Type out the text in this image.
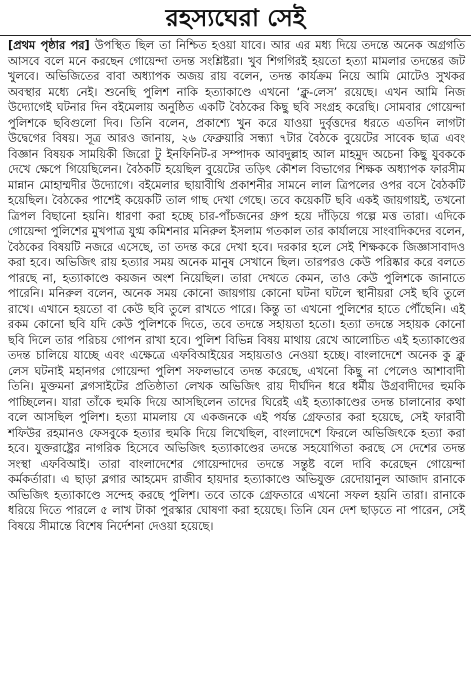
রহস্যঘেরা সেই

[প্রথম পৃষ্ঠার পর] উপস্থিত ছিল তা নিশ্চিত হওয়া যাবে। আর এর মধ্য দিয়ে তদন্তে অনেক অগ্রগতি আসবে বলে মনে করছেন গোয়েন্দা তদন্ত সংশ্লিষ্টরা। খুব শিগগিরই হয়তো হত্যা মামলার তদন্তের জট খুলবে। অভিজিতের বাবা অধ্যাপক অজয় রায় বলেন, তদন্ত কার্যক্রম নিয়ে আমি মোটেও সুখকর অবস্থার মধ্যে নেই। শুনেছি পুলিশ নাকি হত্যাকাণ্ডে এখনো ‘ক্লু-লেস’ রয়েছে। এখন আমি নিজ উদ্যোগেই ঘটনার দিন বইমেলায় অনুষ্ঠিত একটি বৈঠকের কিছু ছবি সংগ্রহ করেছি। সোমবার গোয়েন্দা পুলিশকে ছবিগুলো দিব। তিনি বলেন, প্রকাশ্যে খুন করে যাওয়া দুর্বৃত্তদের ধরতে এতদিন লাগটা উদ্বেগের বিষয়। সূত্র আরও জানায়, ২৬ ফেব্রুয়ারি সন্ধ্যা ৭টার বৈঠকে বুয়েটের সাবেক ছাত্র এবং বিজ্ঞান বিষয়ক সাময়িকী জিরো টু ইনফিনিট-র সম্পাদক আবদুল্লাহ আল মাহমুদ অচেনা কিছু যুবককে দেখে ক্ষেপে গিয়েছিলেন। বৈঠকটি হয়েছিল বুয়েটের তড়িৎ কৌশল বিভাগের শিক্ষক অধ্যাপক ফারসীম মান্নান মোহাম্মদীর উদ্যোগে। বইমেলার ছায়াবীথি প্রকাশনীর সামনে লাল ত্রিপলের ওপর বসে বৈঠকটি হয়েছিল। বৈঠকের পাশেই কয়েকটি তাল গাছ দেখা গেছে। তবে কয়েকটি ছবি একই জায়গায়ই, তখনো ত্রিপল বিছানো হয়নি। ধারণা করা হচ্ছে চার-পাঁচজনের গ্রুপ হয়ে দাঁড়িয়ে গল্পে মত্ত তারা। এদিকে গোয়েন্দা পুলিশের মুখপাত্র যুগ্ম কমিশনার মনিরুল ইসলাম গতকাল তার কার্যালয়ে সাংবাদিকদের বলেন, বৈঠকের বিষয়টি নজরে এসেছে, তা তদন্ত করে দেখা হবে। দরকার হলে সেই শিক্ষককে জিজ্ঞাসাবাদও করা হবে। অভিজিৎ রায় হত্যার সময় অনেক মানুষ সেখানে ছিল। তারপরও কেউ পরিষ্কার করে বলতে পারছে না, হত্যাকাণ্ডে কয়জন অংশ নিয়েছিল। তারা দেখতে কেমন, তাও কেউ পুলিশকে জানাতে পারেনি। মনিরুল বলেন, অনেক সময় কোনো জায়গায় কোনো ঘটনা ঘটলে স্থানীয়রা সেই ছবি তুলে রাখে। এখানে হয়তো বা কেউ ছবি তুলে রাখতে পারে। কিন্তু তা এখনো পুলিশের হাতে পৌঁছেনি। এই রকম কোনো ছবি যদি কেউ পুলিশকে দিতে, তবে তদন্তে সহায়তা হতো। হত্যা তদন্তে সহায়ক কোনো ছবি দিলে তার পরিচয় গোপন রাখা হবে। পুলিশ বিভিন্ন বিষয় মাথায় রেখে আলোচিত এই হত্যাকাণ্ডের তদন্ত চালিয়ে যাচ্ছে এবং এক্ষেত্রে এফবিআইয়ের সহায়তাও নেওয়া হচ্ছে। বাংলাদেশে অনেক কু ক্লু লেস ঘটনাই মহানগর গোয়েন্দা পুলিশ সফলভাবে তদন্ত করেছে, এখনো কিছু না পেলেও আশাবাদী তিনি। মুক্তমনা ব্লগসাইটের প্রতিষ্ঠাতা লেখক অভিজিৎ রায় দীর্ঘদিন ধরে ধর্মীয় উগ্রবাদীদের হুমকি পাচ্ছিলেন। যারা তাঁকে হুমকি দিয়ে আসছিলেন তাদের ঘিরেই এই হত্যাকাণ্ডের তদন্ত চালানোর কথা বলে আসছিল পুলিশ। হত্যা মামলায় যে একজনকে এই পর্যন্ত গ্রেফতার করা হয়েছে, সেই ফারাবী শফিউর রহমানও ফেসবুকে হত্যার হুমকি দিয়ে লিখেছিল, বাংলাদেশে ফিরলে অভিজিৎকে হত্যা করা হবে। যুক্তরাষ্ট্রের নাগরিক হিসেবে অভিজিৎ হত্যাকাণ্ডের তদন্তে সহযোগিতা করছে সে দেশের তদন্ত সংস্থা এফবিআই। তারা বাংলাদেশের গোয়েন্দাদের তদন্তে সন্তুষ্ট বলে দাবি করেছেন গোয়েন্দা কর্মকর্তারা। এ ছাড়া ব্লগার আহমেদ রাজীব হায়দার হত্যাকাণ্ডে অভিযুক্ত রেদোয়ানুল আজাদ রানাকে অভিজিৎ হত্যাকাণ্ডে সন্দেহ করছে পুলিশ। তবে তাকে গ্রেফতারে এখনো সফল হয়নি তারা। রানাকে ধরিয়ে দিতে পারলে ৫ লাখ টাকা পুরস্কার ঘোষণা করা হয়েছে। তিনি যেন দেশ ছাড়তে না পারেন, সেই বিষয়ে সীমান্তে বিশেষ নির্দেশনা দেওয়া হয়েছে।
